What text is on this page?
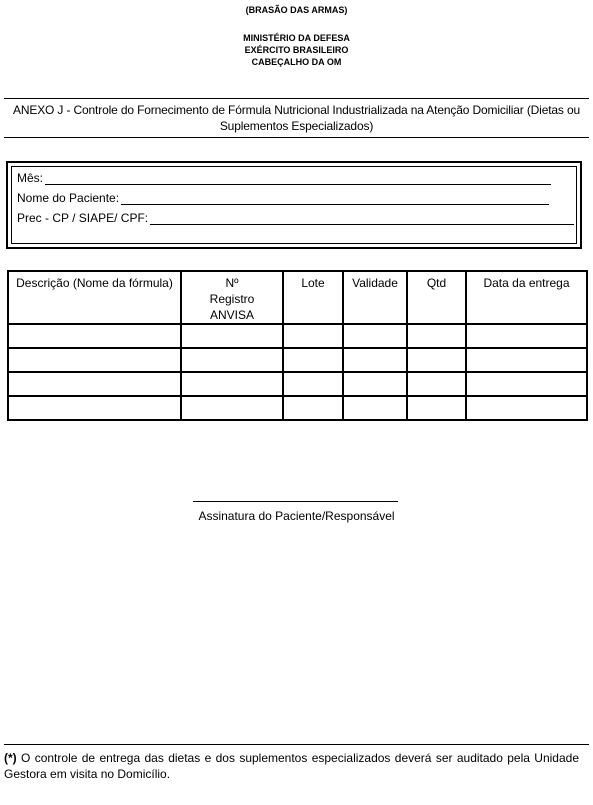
(BRASÃO DAS ARMAS)
MINISTÉRIO DA DEFESA
EXÉRCITO BRASILEIRO
CABEÇALHO DA OM
ANEXO J - Controle do Fornecimento de Fórmula Nutricional Industrializada na Atenção Domiciliar (Dietas ou Suplementos Especializados)
Mês:
Nome do Paciente:
Prec - CP / SIAPE/ CPF:
Descrição (Nome da fórmula)	Nº Registro ANVISA	Lote	Validade	Qtd	Data da entrega

Assinatura do Paciente/Responsável
(*) O controle de entrega das dietas e dos suplementos especializados deverá ser auditado pela Unidade Gestora em visita no Domicílio.
